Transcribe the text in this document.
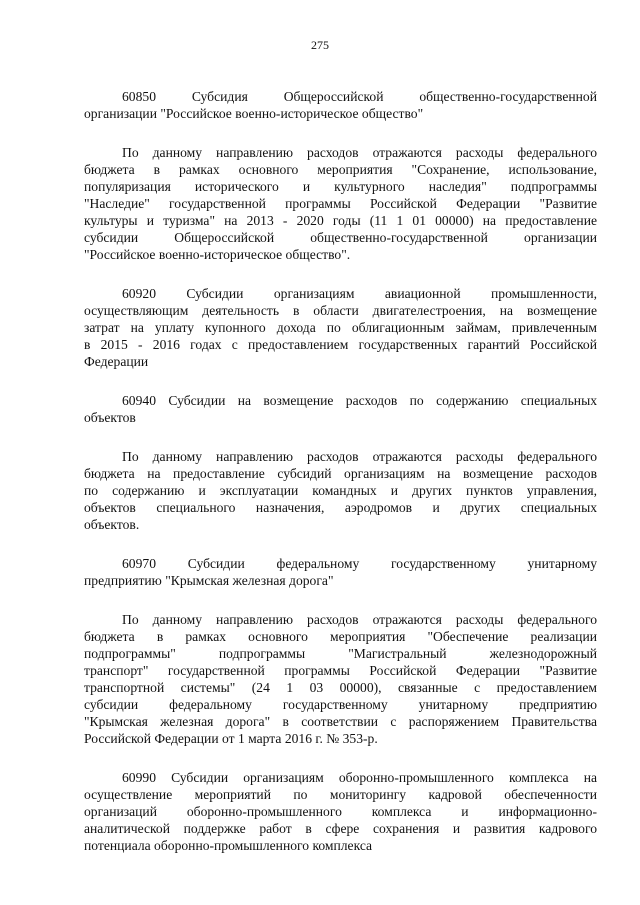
275
60850 Субсидия Общероссийской общественно-государственной
организации "Российское военно-историческое общество"
По данному направлению расходов отражаются расходы федерального
бюджета в рамках основного мероприятия "Сохранение, использование,
популяризация исторического и культурного наследия" подпрограммы
"Наследие" государственной программы Российской Федерации "Развитие
культуры и туризма" на 2013 - 2020 годы (11 1 01 00000) на предоставление
субсидии Общероссийской общественно-государственной организации
"Российское военно-историческое общество".
60920 Субсидии организациям авиационной промышленности,
осуществляющим деятельность в области двигателестроения, на возмещение
затрат на уплату купонного дохода по облигационным займам, привлеченным
в 2015 - 2016 годах с предоставлением государственных гарантий Российской
Федерации
60940 Субсидии на возмещение расходов по содержанию специальных
объектов
По данному направлению расходов отражаются расходы федерального
бюджета на предоставление субсидий организациям на возмещение расходов
по содержанию и эксплуатации командных и других пунктов управления,
объектов специального назначения, аэродромов и других специальных
объектов.
60970 Субсидии федеральному государственному унитарному
предприятию "Крымская железная дорога"
По данному направлению расходов отражаются расходы федерального
бюджета в рамках основного мероприятия "Обеспечение реализации
подпрограммы" подпрограммы "Магистральный железнодорожный
транспорт" государственной программы Российской Федерации "Развитие
транспортной системы" (24 1 03 00000), связанные с предоставлением
субсидии федеральному государственному унитарному предприятию
"Крымская железная дорога" в соответствии с распоряжением Правительства
Российской Федерации от 1 марта 2016 г. № 353-р.
60990 Субсидии организациям оборонно-промышленного комплекса на
осуществление мероприятий по мониторингу кадровой обеспеченности
организаций оборонно-промышленного комплекса и информационно-
аналитической поддержке работ в сфере сохранения и развития кадрового
потенциала оборонно-промышленного комплекса
